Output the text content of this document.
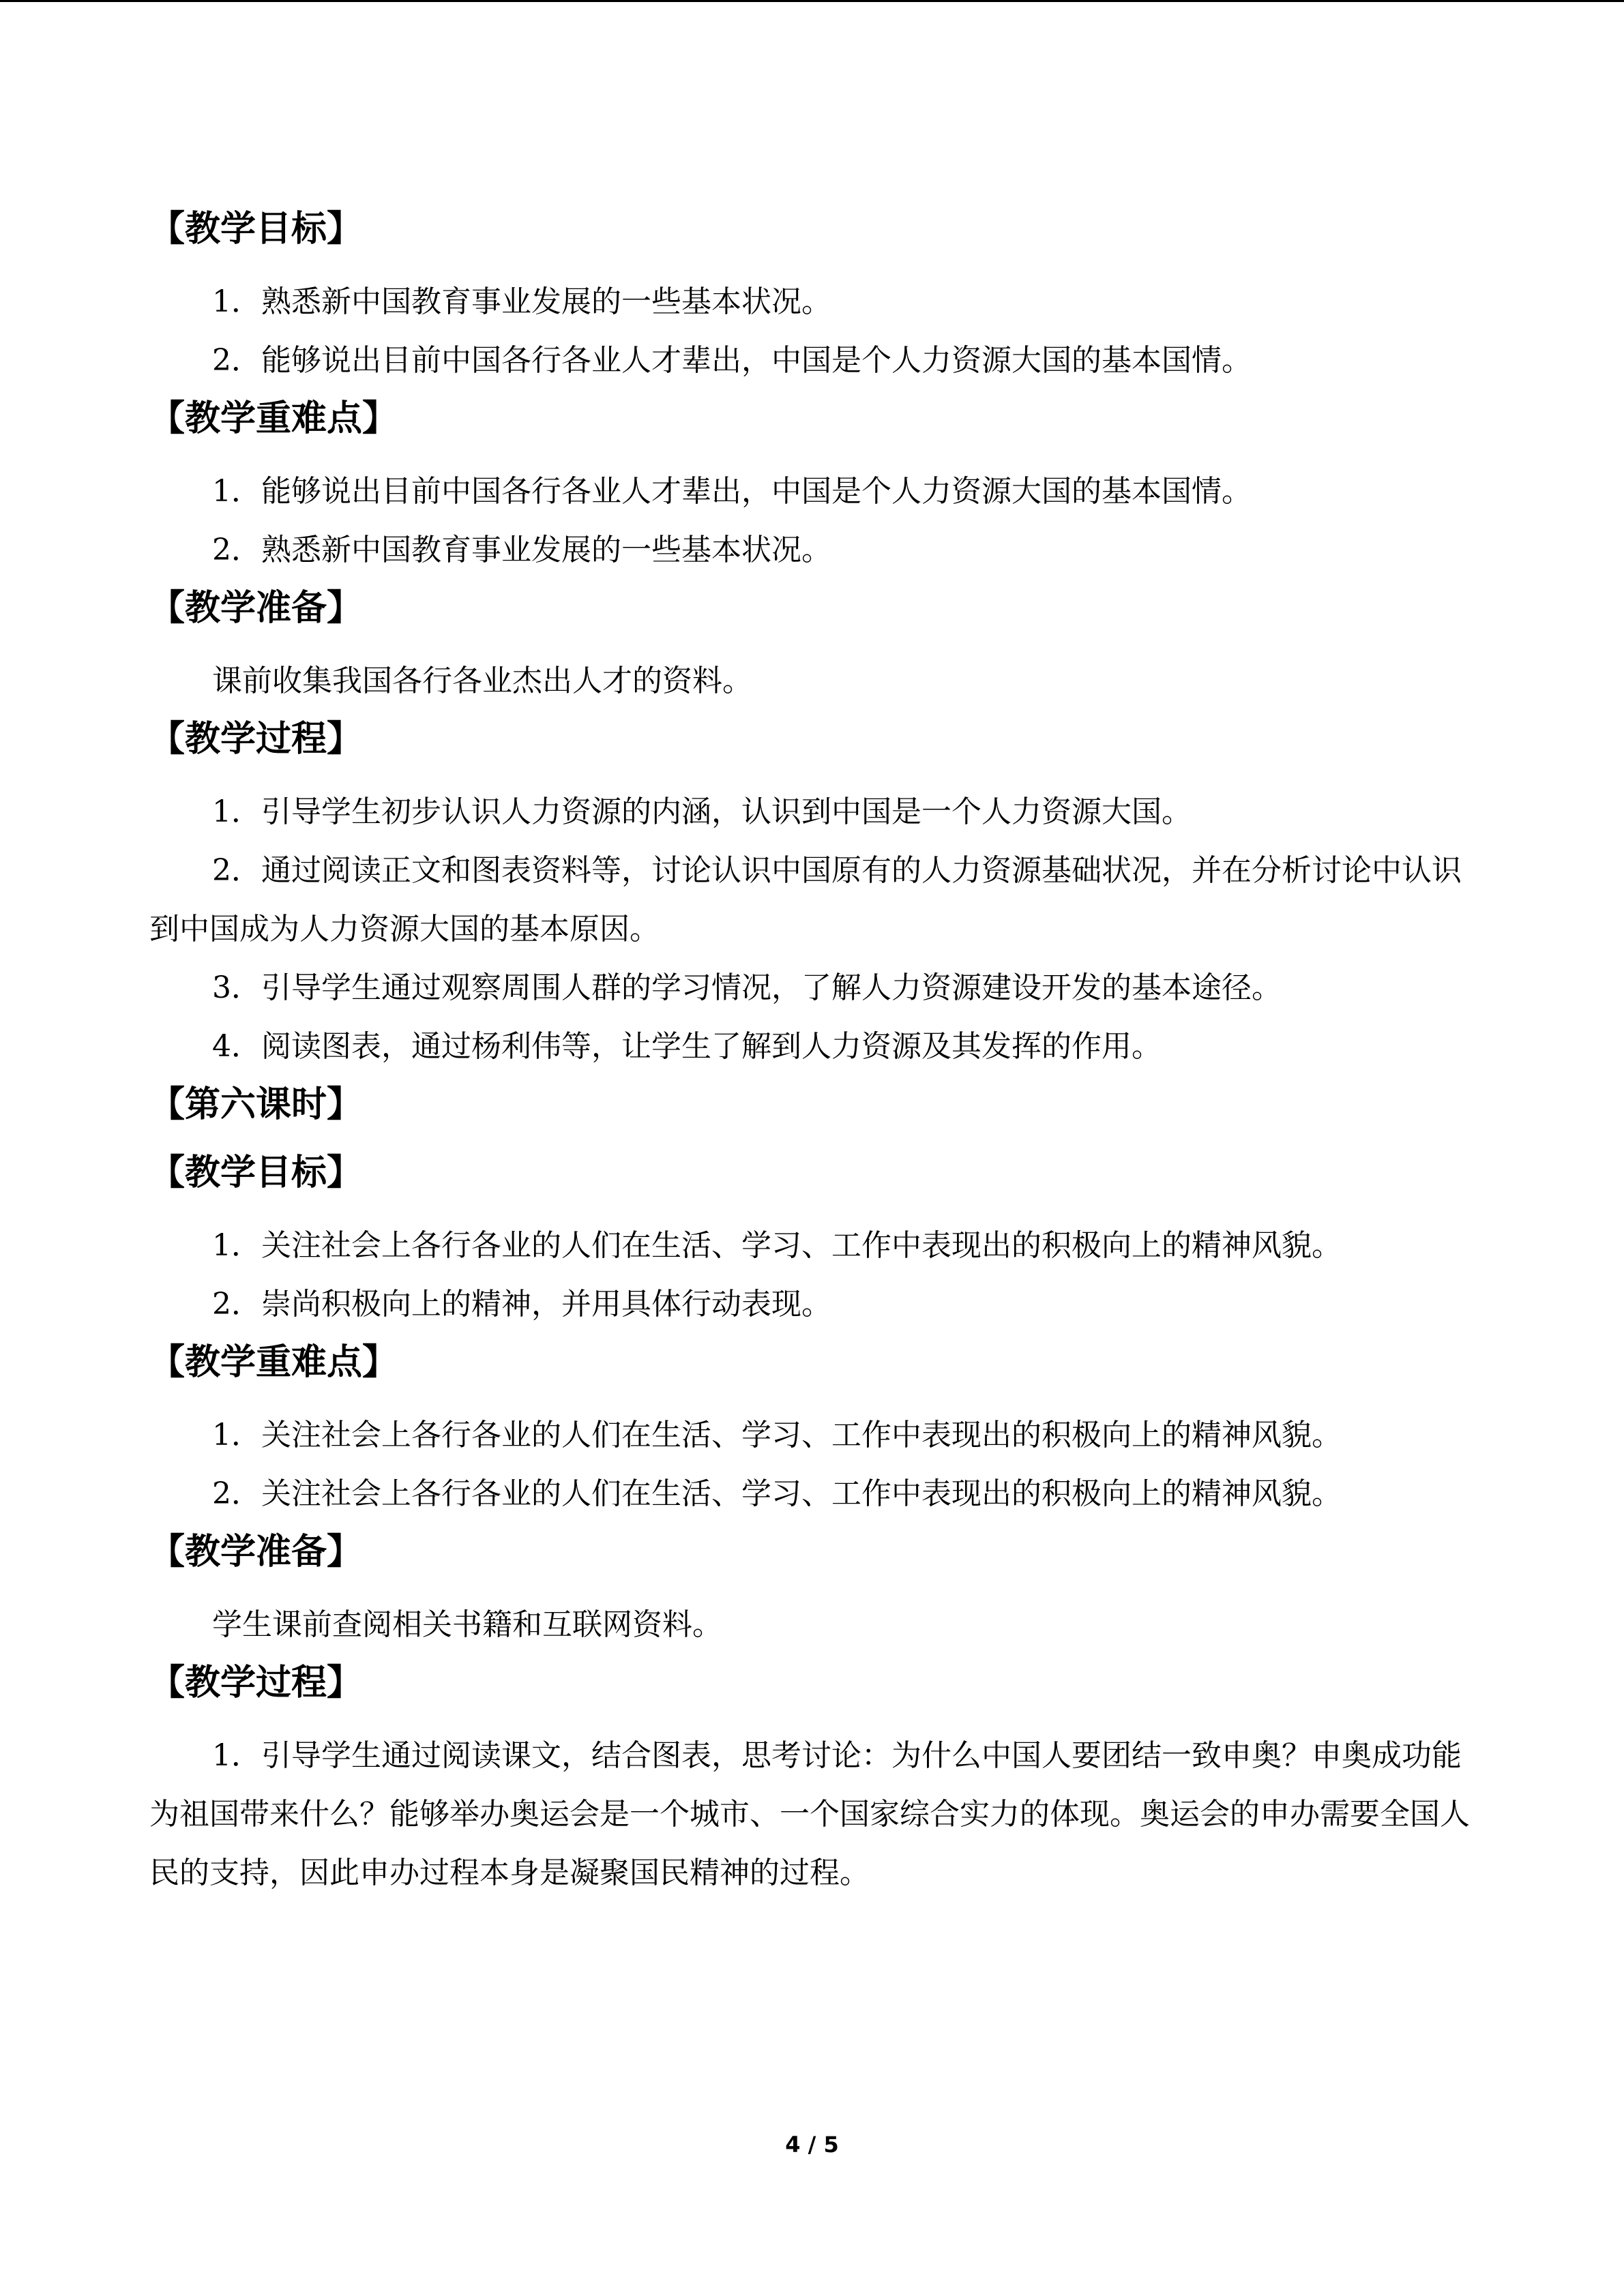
【教学目标】

1．熟悉新中国教育事业发展的一些基本状况。

2．能够说出目前中国各行各业人才辈出，中国是个人力资源大国的基本国情。

【教学重难点】

1．能够说出目前中国各行各业人才辈出，中国是个人力资源大国的基本国情。

2．熟悉新中国教育事业发展的一些基本状况。

【教学准备】

课前收集我国各行各业杰出人才的资料。

【教学过程】

1．引导学生初步认识人力资源的内涵，认识到中国是一个人力资源大国。

2．通过阅读正文和图表资料等，讨论认识中国原有的人力资源基础状况，并在分析讨论中认识到中国成为人力资源大国的基本原因。

3．引导学生通过观察周围人群的学习情况，了解人力资源建设开发的基本途径。

4．阅读图表，通过杨利伟等，让学生了解到人力资源及其发挥的作用。

【第六课时】

【教学目标】

1．关注社会上各行各业的人们在生活、学习、工作中表现出的积极向上的精神风貌。

2．崇尚积极向上的精神，并用具体行动表现。

【教学重难点】

1．关注社会上各行各业的人们在生活、学习、工作中表现出的积极向上的精神风貌。

2．关注社会上各行各业的人们在生活、学习、工作中表现出的积极向上的精神风貌。

【教学准备】

学生课前查阅相关书籍和互联网资料。

【教学过程】

1．引导学生通过阅读课文，结合图表，思考讨论：为什么中国人要团结一致申奥？申奥成功能为祖国带来什么？能够举办奥运会是一个城市、一个国家综合实力的体现。奥运会的申办需要全国人民的支持，因此申办过程本身是凝聚国民精神的过程。

4 / 5
